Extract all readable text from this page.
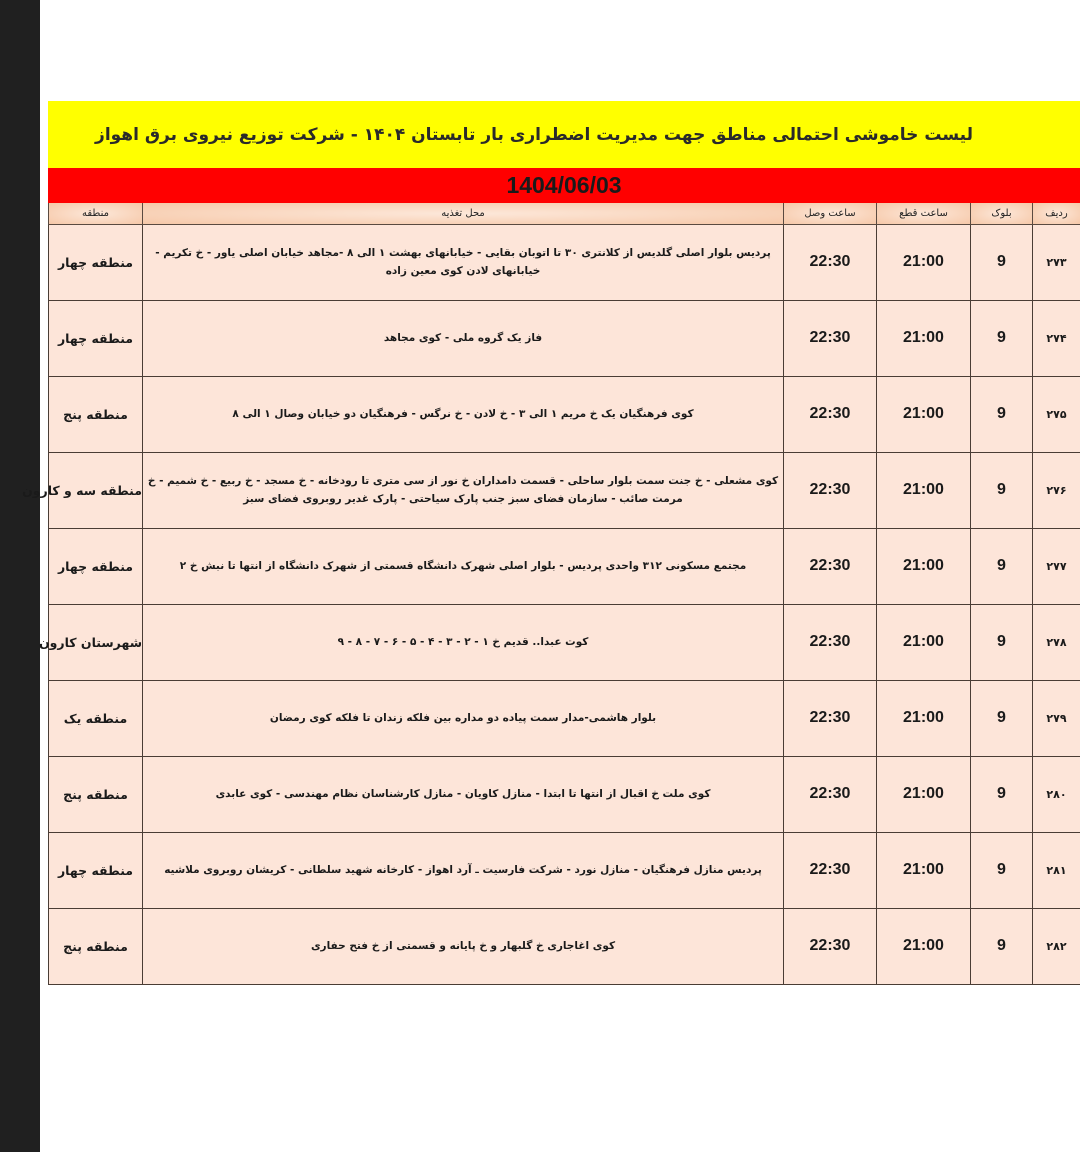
لیست خاموشی احتمالی مناطق جهت مدیریت اضطراری بار تابستان ۱۴۰۴ - شرکت توزیع نیروی برق اهواز
1404/06/03
ردیف	بلوک	ساعت قطع	ساعت وصل	محل تغذیه	منطقه
۲۷۳	9	21:00	22:30	پردیس بلوار اصلی گلدیس از کلانتری ۳۰ تا اتوبان بقایی - خیابانهای بهشت ۱ الی ۸ -مجاهد خیابان اصلی یاور - خ تکریم - خیابانهای لادن کوی معین زاده	منطقه چهار
۲۷۴	9	21:00	22:30	فاز یک گروه ملی - کوی مجاهد	منطقه چهار
۲۷۵	9	21:00	22:30	کوی فرهنگیان یک خ مریم ۱ الی ۳ - خ لادن - خ نرگس - فرهنگیان دو خیابان وصال ۱ الی ۸	منطقه پنج
۲۷۶	9	21:00	22:30	کوی مشعلی - خ جنت سمت بلوار ساحلی - قسمت دامداران خ نور از سی متری تا رودخانه - خ مسجد - خ ربیع - خ شمیم - خ مرمت صائب - سازمان فضای سبز جنب پارک سیاحتی - پارک غدیر روبروی فضای سبز	منطقه سه و کارون
۲۷۷	9	21:00	22:30	مجتمع مسکونی ۳۱۲ واحدی پردیس - بلوار اصلی شهرک دانشگاه قسمتی از شهرک دانشگاه از انتها تا نبش خ ۲	منطقه چهار
۲۷۸	9	21:00	22:30	کوت عبدا.. قدیم خ ۱ - ۲ - ۳ - ۴ - ۵ - ۶ - ۷ - ۸ - ۹	شهرستان کارون
۲۷۹	9	21:00	22:30	بلوار هاشمی-مدار سمت پیاده دو مداره بین فلکه زندان تا فلکه کوی رمضان	منطقه یک
۲۸۰	9	21:00	22:30	کوی ملت خ اقبال از انتها تا ابتدا - منازل کاویان - منازل کارشناسان نظام مهندسی - کوی عابدی	منطقه پنج
۲۸۱	9	21:00	22:30	پردیس منازل فرهنگیان - منازل نورد - شرکت فارسیت ـ آرد اهواز - کارخانه شهید سلطانی - کریشان روبروی ملاشیه	منطقه چهار
۲۸۲	9	21:00	22:30	کوی اغاجاری خ گلبهار و خ پایانه و قسمتی از خ فتح حفاری	منطقه پنج
